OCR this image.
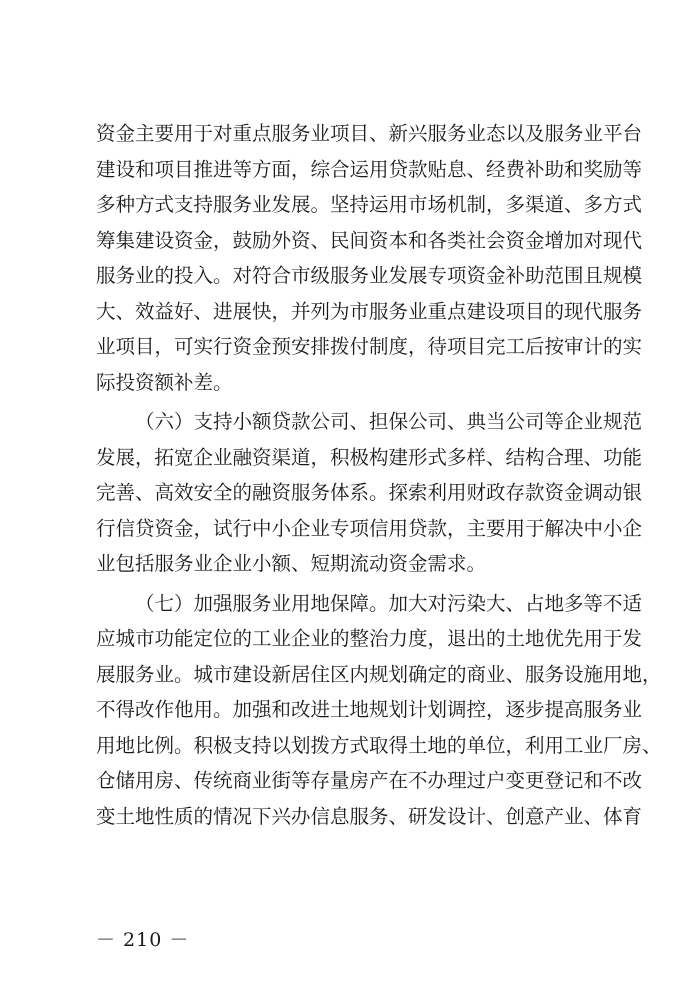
资金主要用于对重点服务业项目、新兴服务业态以及服务业平台
建设和项目推进等方面，综合运用贷款贴息、经费补助和奖励等
多种方式支持服务业发展。坚持运用市场机制，多渠道、多方式
筹集建设资金，鼓励外资、民间资本和各类社会资金增加对现代
服务业的投入。对符合市级服务业发展专项资金补助范围且规模
大、效益好、进展快，并列为市服务业重点建设项目的现代服务
业项目，可实行资金预安排拨付制度，待项目完工后按审计的实
际投资额补差。
（六）支持小额贷款公司、担保公司、典当公司等企业规范
发展，拓宽企业融资渠道，积极构建形式多样、结构合理、功能
完善、高效安全的融资服务体系。探索利用财政存款资金调动银
行信贷资金，试行中小企业专项信用贷款，主要用于解决中小企
业包括服务业企业小额、短期流动资金需求。
（七）加强服务业用地保障。加大对污染大、占地多等不适
应城市功能定位的工业企业的整治力度，退出的土地优先用于发
展服务业。城市建设新居住区内规划确定的商业、服务设施用地，
不得改作他用。加强和改进土地规划计划调控，逐步提高服务业
用地比例。积极支持以划拨方式取得土地的单位，利用工业厂房、
仓储用房、传统商业街等存量房产在不办理过户变更登记和不改
变土地性质的情况下兴办信息服务、研发设计、创意产业、体育
－ 210 －
